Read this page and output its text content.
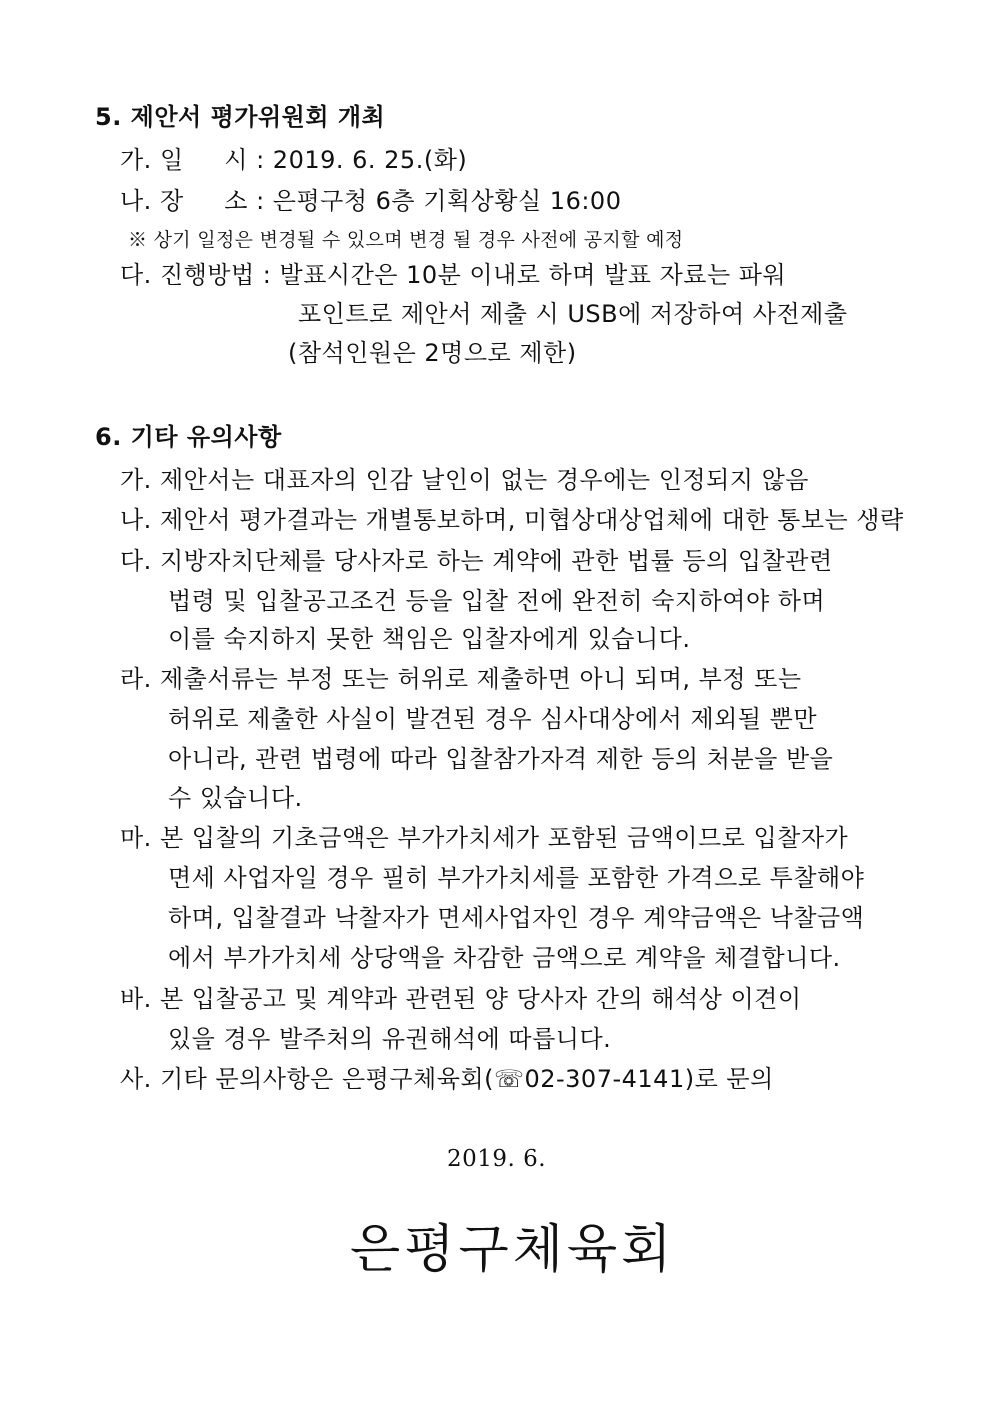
5. 제안서 평가위원회 개최
가. 일     시 : 2019. 6. 25.(화)
나. 장     소 : 은평구청 6층 기획상황실 16:00
※ 상기 일정은 변경될 수 있으며 변경 될 경우 사전에 공지할 예정
다. 진행방법 : 발표시간은 10분 이내로 하며 발표 자료는 파워
포인트로 제안서 제출 시 USB에 저장하여 사전제출
(참석인원은 2명으로 제한)
6. 기타 유의사항
가. 제안서는 대표자의 인감 날인이 없는 경우에는 인정되지 않음
나. 제안서 평가결과는 개별통보하며, 미협상대상업체에 대한 통보는 생략
다. 지방자치단체를 당사자로 하는 계약에 관한 법률 등의 입찰관련
법령 및 입찰공고조건 등을 입찰 전에 완전히 숙지하여야 하며
이를 숙지하지 못한 책임은 입찰자에게 있습니다.
라. 제출서류는 부정 또는 허위로 제출하면 아니 되며, 부정 또는
허위로 제출한 사실이 발견된 경우 심사대상에서 제외될 뿐만
아니라, 관련 법령에 따라 입찰참가자격 제한 등의 처분을 받을
수 있습니다.
마. 본 입찰의 기초금액은 부가가치세가 포함된 금액이므로 입찰자가
면세 사업자일 경우 필히 부가가치세를 포함한 가격으로 투찰해야
하며, 입찰결과 낙찰자가 면세사업자인 경우 계약금액은 낙찰금액
에서 부가가치세 상당액을 차감한 금액으로 계약을 체결합니다.
바. 본 입찰공고 및 계약과 관련된 양 당사자 간의 해석상 이견이
있을 경우 발주처의 유권해석에 따릅니다.
사. 기타 문의사항은 은평구체육회(☏02-307-4141)로 문의
2019. 6.
은평구체육회
